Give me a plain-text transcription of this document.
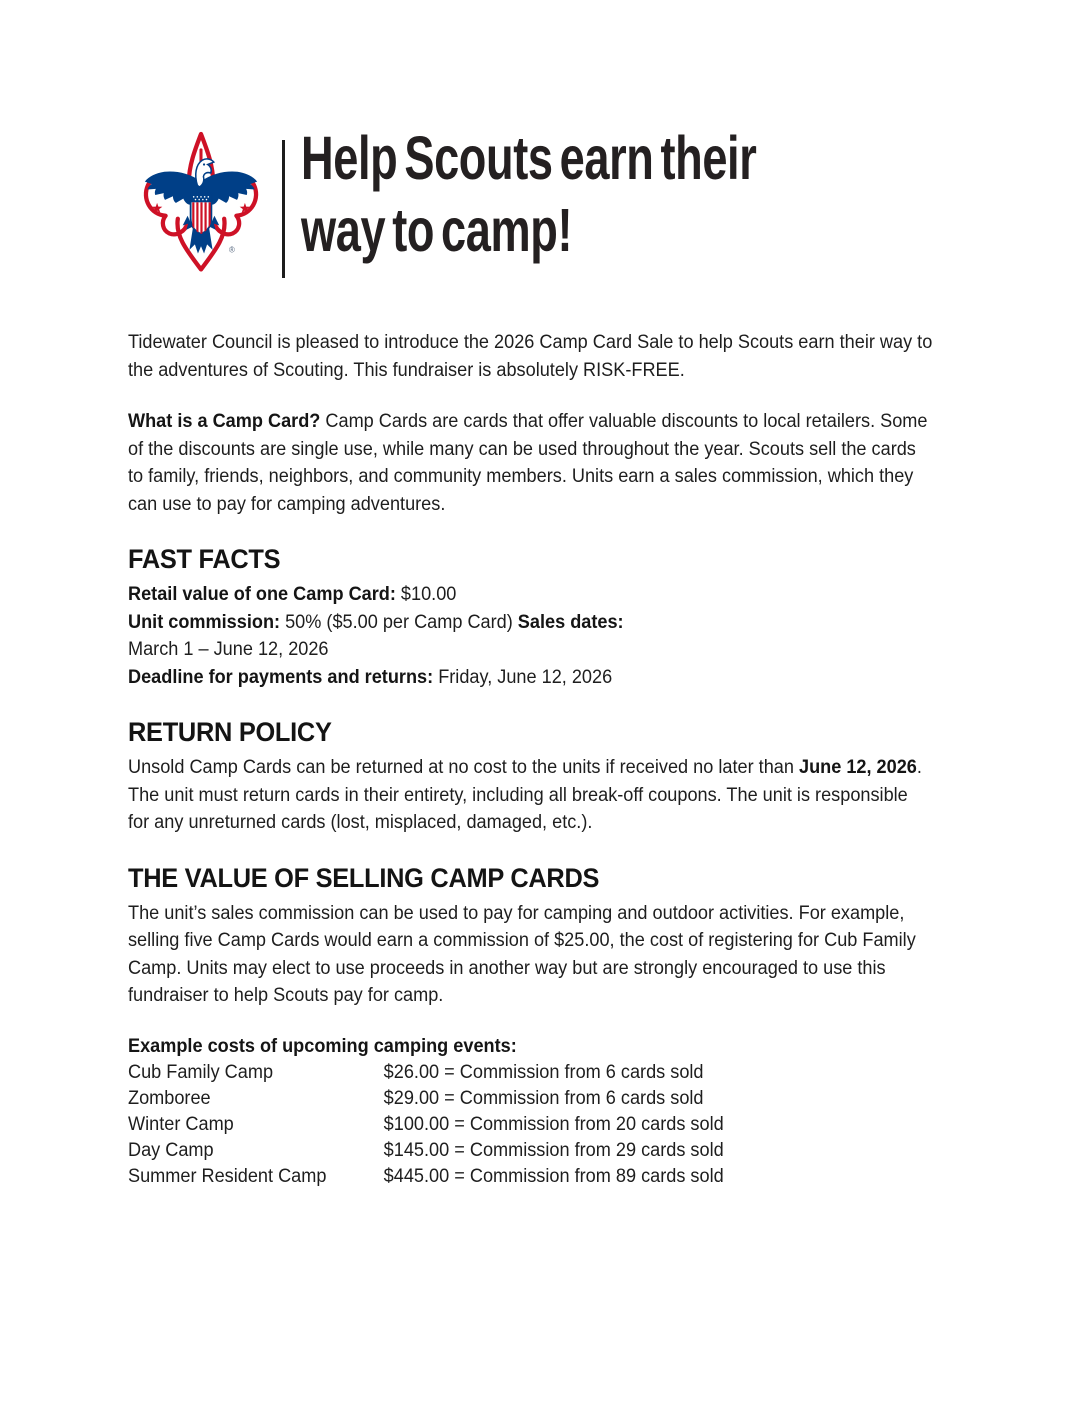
®
Help Scouts earn their
way to camp!

Tidewater Council is pleased to introduce the 2026 Camp Card Sale to help Scouts earn their way to the adventures of Scouting. This fundraiser is absolutely RISK-FREE.

What is a Camp Card? Camp Cards are cards that offer valuable discounts to local retailers. Some of the discounts are single use, while many can be used throughout the year. Scouts sell the cards to family, friends, neighbors, and community members. Units earn a sales commission, which they can use to pay for camping adventures.

FAST FACTS
Retail value of one Camp Card: $10.00
Unit commission: 50% ($5.00 per Camp Card) Sales dates:
March 1 – June 12, 2026
Deadline for payments and returns: Friday, June 12, 2026
RETURN POLICY

Unsold Camp Cards can be returned at no cost to the units if received no later than June 12, 2026. The unit must return cards in their entirety, including all break-off coupons. The unit is responsible for any unreturned cards (lost, misplaced, damaged, etc.).

THE VALUE OF SELLING CAMP CARDS

The unit’s sales commission can be used to pay for camping and outdoor activities. For example, selling five Camp Cards would earn a commission of $25.00, the cost of registering for Cub Family Camp. Units may elect to use proceeds in another way but are strongly encouraged to use this fundraiser to help Scouts pay for camp.

Example costs of upcoming camping events:
Cub Family Camp	$26.00 = Commission from 6 cards sold
Zomboree	$29.00 = Commission from 6 cards sold
Winter Camp	$100.00 = Commission from 20 cards sold
Day Camp	$145.00 = Commission from 29 cards sold
Summer Resident Camp	$445.00 = Commission from 89 cards sold
